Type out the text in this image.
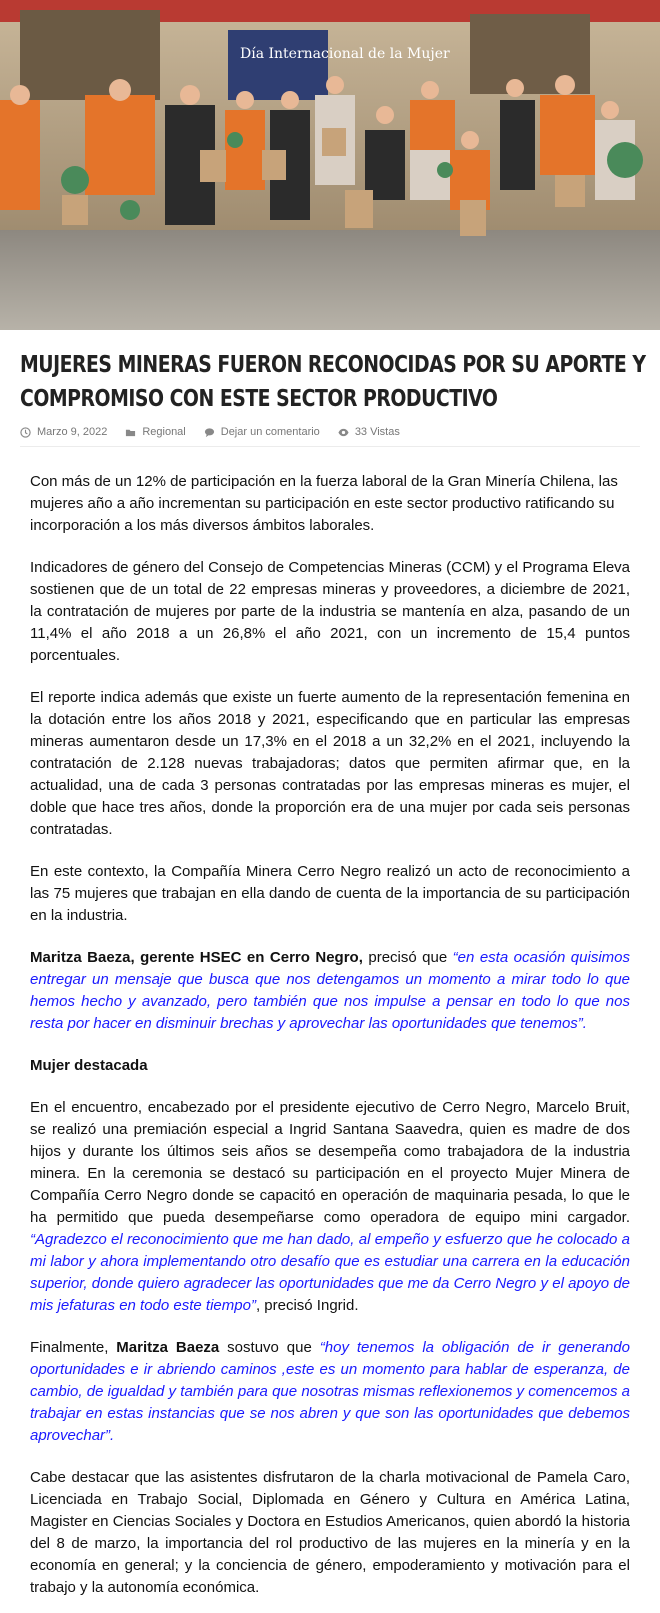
Día Internacional de la Mujer
MUJERES MINERAS FUERON RECONOCIDAS POR SU APORTE Y COMPROMISO CON ESTE SECTOR PRODUCTIVO
Marzo 9, 2022	Regional	Dejar un comentario	33 Vistas

Con más de un 12% de participación en la fuerza laboral de la Gran Minería Chilena, las mujeres año a año incrementan su participación en este sector productivo ratificando su incorporación a los más diversos ámbitos laborales.

Indicadores de género del Consejo de Competencias Mineras (CCM) y el Programa Eleva sostienen que de un total de 22 empresas mineras y proveedores, a diciembre de 2021, la contratación de mujeres por parte de la industria se mantenía en alza, pasando de un 11,4% el año 2018 a un 26,8% el año 2021, con un incremento de 15,4 puntos porcentuales.

El reporte indica además que existe un fuerte aumento de la representación femenina en la dotación entre los años 2018 y 2021, especificando que en particular las empresas mineras aumentaron desde un 17,3% en el 2018 a un 32,2% en el 2021, incluyendo la contratación de 2.128 nuevas trabajadoras; datos que permiten afirmar que, en la actualidad, una de cada 3 personas contratadas por las empresas mineras es mujer, el doble que hace tres años, donde la proporción era de una mujer por cada seis personas contratadas.

En este contexto, la Compañía Minera Cerro Negro realizó un acto de reconocimiento a las 75 mujeres que trabajan en ella dando de cuenta de la importancia de su participación en la industria.

Maritza Baeza, gerente HSEC en Cerro Negro, precisó que “en esta ocasión quisimos entregar un mensaje que busca que nos detengamos un momento a mirar todo lo que hemos hecho y avanzado, pero también que nos impulse a pensar en todo lo que nos resta por hacer en disminuir brechas y aprovechar las oportunidades que tenemos”.

Mujer destacada

En el encuentro, encabezado por el presidente ejecutivo de Cerro Negro, Marcelo Bruit, se realizó una premiación especial a Ingrid Santana Saavedra, quien es madre de dos hijos y durante los últimos seis años se desempeña como trabajadora de la industria minera. En la ceremonia se destacó su participación en el proyecto Mujer Minera de Compañía Cerro Negro donde se capacitó en operación de maquinaria pesada, lo que le ha permitido que pueda desempeñarse como operadora de equipo mini cargador. “Agradezco el reconocimiento que me han dado, al empeño y esfuerzo que he colocado a mi labor y ahora implementando otro desafío que es estudiar una carrera en la educación superior, donde quiero agradecer las oportunidades que me da Cerro Negro y el apoyo de mis jefaturas en todo este tiempo”, precisó Ingrid.

Finalmente, Maritza Baeza sostuvo que “hoy tenemos la obligación de ir generando oportunidades e ir abriendo caminos ,este es un momento para hablar de esperanza, de cambio, de igualdad y también para que nosotras mismas reflexionemos y comencemos a trabajar en estas instancias que se nos abren y que son las oportunidades que debemos aprovechar”.

Cabe destacar que las asistentes disfrutaron de la charla motivacional de Pamela Caro, Licenciada en Trabajo Social, Diplomada en Género y Cultura en América Latina, Magister en Ciencias Sociales y Doctora en Estudios Americanos, quien abordó la historia del 8 de marzo, la importancia del rol productivo de las mujeres en la minería y en la economía en general; y la conciencia de género, empoderamiento y motivación para el trabajo y la autonomía económica.
